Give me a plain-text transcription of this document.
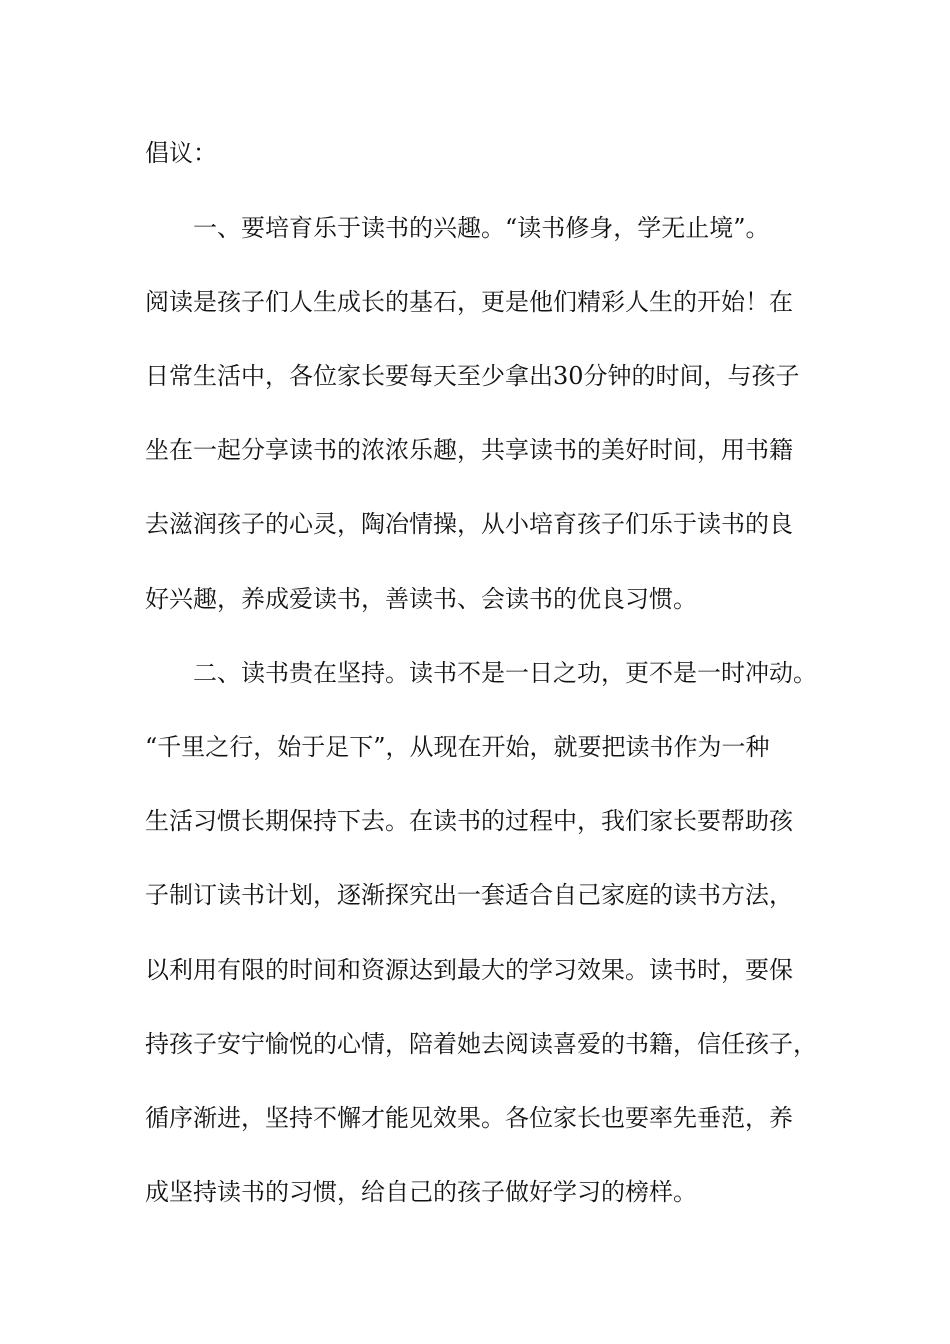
倡议：
一、要培育乐于读书的兴趣。“读书修身，学无止境”。
阅读是孩子们人生成长的基石，更是他们精彩人生的开始！在
日常生活中，各位家长要每天至少拿出30分钟的时间，与孩子
坐在一起分享读书的浓浓乐趣，共享读书的美好时间，用书籍
去滋润孩子的心灵，陶冶情操，从小培育孩子们乐于读书的良
好兴趣，养成爱读书，善读书、会读书的优良习惯。
二、读书贵在坚持。读书不是一日之功，更不是一时冲动。
“千里之行，始于足下”，从现在开始，就要把读书作为一种
生活习惯长期保持下去。在读书的过程中，我们家长要帮助孩
子制订读书计划，逐渐探究出一套适合自己家庭的读书方法，
以利用有限的时间和资源达到最大的学习效果。读书时，要保
持孩子安宁愉悦的心情，陪着她去阅读喜爱的书籍，信任孩子，
循序渐进，坚持不懈才能见效果。各位家长也要率先垂范，养
成坚持读书的习惯，给自己的孩子做好学习的榜样。
